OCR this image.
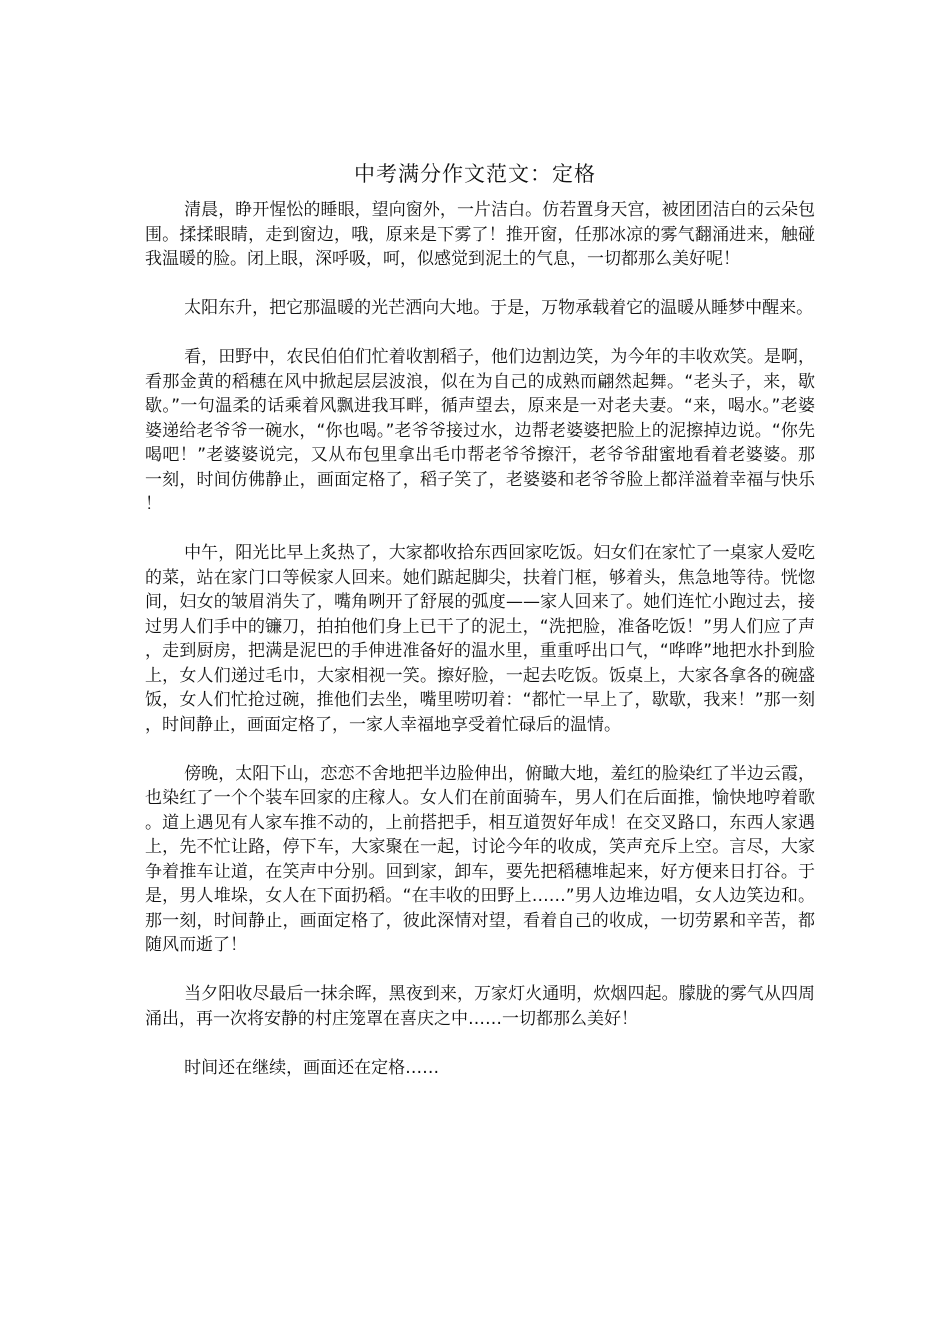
中考满分作文范文：定格

清晨，睁开惺忪的睡眼，望向窗外，一片洁白。仿若置身天宫，被团团洁白的云朵包围。揉揉眼睛，走到窗边，哦，原来是下雾了！推开窗，任那冰凉的雾气翻涌进来，触碰我温暖的脸。闭上眼，深呼吸，呵，似感觉到泥土的气息，一切都那么美好呢！

太阳东升，把它那温暖的光芒洒向大地。于是，万物承载着它的温暖从睡梦中醒来。

看，田野中，农民伯伯们忙着收割稻子，他们边割边笑，为今年的丰收欢笑。是啊，看那金黄的稻穗在风中掀起层层波浪，似在为自己的成熟而翩然起舞。“老头子，来，歇歇。”一句温柔的话乘着风飘进我耳畔，循声望去，原来是一对老夫妻。“来，喝水。”老婆婆递给老爷爷一碗水，“你也喝。”老爷爷接过水，边帮老婆婆把脸上的泥擦掉边说。“你先喝吧！”老婆婆说完，又从布包里拿出毛巾帮老爷爷擦汗，老爷爷甜蜜地看着老婆婆。那一刻，时间仿佛静止，画面定格了，稻子笑了，老婆婆和老爷爷脸上都洋溢着幸福与快乐！

中午，阳光比早上炙热了，大家都收拾东西回家吃饭。妇女们在家忙了一桌家人爱吃的菜，站在家门口等候家人回来。她们踮起脚尖，扶着门框，够着头，焦急地等待。恍惚间，妇女的皱眉消失了，嘴角咧开了舒展的弧度——家人回来了。她们连忙小跑过去，接过男人们手中的镰刀，拍拍他们身上已干了的泥土，“洗把脸，准备吃饭！”男人们应了声，走到厨房，把满是泥巴的手伸进准备好的温水里，重重呼出口气，“哗哗”地把水扑到脸上，女人们递过毛巾，大家相视一笑。擦好脸，一起去吃饭。饭桌上，大家各拿各的碗盛饭，女人们忙抢过碗，推他们去坐，嘴里唠叨着：“都忙一早上了，歇歇，我来！”那一刻，时间静止，画面定格了，一家人幸福地享受着忙碌后的温情。

傍晚，太阳下山，恋恋不舍地把半边脸伸出，俯瞰大地，羞红的脸染红了半边云霞，也染红了一个个装车回家的庄稼人。女人们在前面骑车，男人们在后面推，愉快地哼着歌。道上遇见有人家车推不动的，上前搭把手，相互道贺好年成！在交叉路口，东西人家遇上，先不忙让路，停下车，大家聚在一起，讨论今年的收成，笑声充斥上空。言尽，大家争着推车让道，在笑声中分别。回到家，卸车，要先把稻穗堆起来，好方便来日打谷。于是，男人堆垛，女人在下面扔稻。“在丰收的田野上……”男人边堆边唱，女人边笑边和。那一刻，时间静止，画面定格了，彼此深情对望，看着自己的收成，一切劳累和辛苦，都随风而逝了！

当夕阳收尽最后一抹余晖，黑夜到来，万家灯火通明，炊烟四起。朦胧的雾气从四周涌出，再一次将安静的村庄笼罩在喜庆之中……一切都那么美好！

时间还在继续，画面还在定格……
